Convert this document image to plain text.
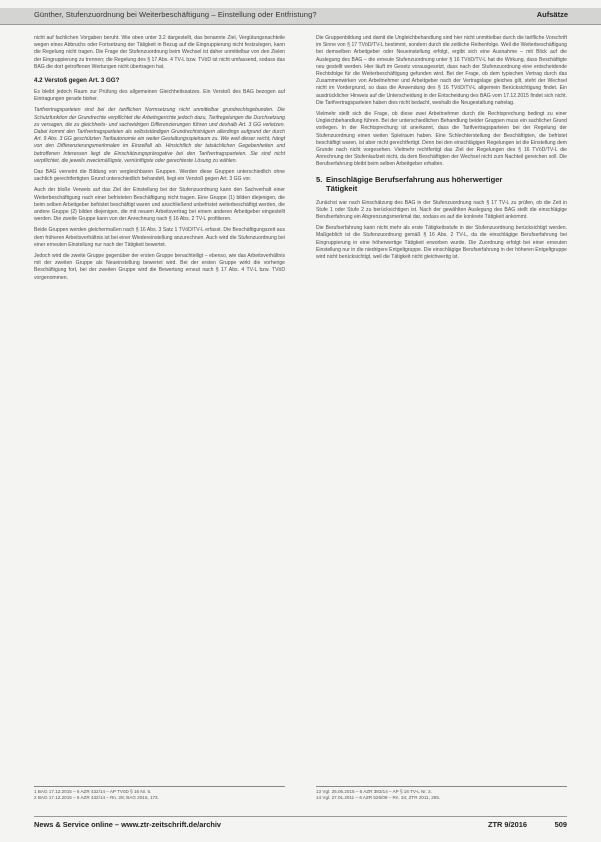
Günther, Stufenzuordnung bei Weiterbeschäftigung – Einstellung oder Entfristung?	Aufsätze

nicht auf fachlichen Vorgaben beruht. Wie oben unter 3.2 dargestellt, das benannte Ziel, Vergütungsnachteile wegen eines Abbruchs oder Fortsetzung der Tätigkeit in Bezug auf die Eingruppierung nicht festzulegen, kann die Regelung nicht tragen. Die Frage der Stufenzuordnung beim Wechsel ist daher unmittelbar von den Zielen der Eingruppierung zu trennen; die Regelung des § 17 Abs. 4 TV-L bzw. TVöD ist nicht umfassend, sodass das BAG die dort getroffenen Wertungen nicht übertragen hat.

4.2 Verstoß gegen Art. 3 GG?

Es bleibt jedoch Raum zur Prüfung des allgemeinen Gleichheitssatzes. Ein Verstoß des BAG bezogen auf Eintragungen gerade bisher.

Tarifvertragsparteien sind bei der tariflichen Normsetzung nicht unmittelbar grundrechtsgebunden. Die Schutzfunktion der Grundrechte verpflichtet die Arbeitsgerichte jedoch dazu, Tarifregelungen die Durchsetzung zu versagen, die zu gleichheits- und sachwidrigen Differenzierungen führen und deshalb Art. 3 GG verletzen. Dabei kommt den Tarifvertragsparteien als selbstständigen Grundrechtsträgern allerdings aufgrund der durch Art. 9 Abs. 3 GG geschützten Tarifautonomie ein weiter Gestaltungsspielraum zu. Wie weit dieser reicht, hängt von den Differenzierungsmerkmalen im Einzelfall ab. Hinsichtlich der tatsächlichen Gegebenheiten und betroffenen Interessen liegt die Einschätzungsprärogative bei den Tarifvertragsparteien. Sie sind nicht verpflichtet, die jeweils zweckmäßigste, vernünftigste oder gerechteste Lösung zu wählen.

Das BAG verneint die Bildung von vergleichbaren Gruppen. Werden diese Gruppen unterschiedlich ohne sachlich gerechtfertigten Grund unterschiedlich behandelt, liegt ein Verstoß gegen Art. 3 GG vor.

Auch der bloße Verweis auf das Ziel der Einstellung bei der Stufenzuordnung kann den Sachverhalt einer Weiterbeschäftigung nach einer befristeten Beschäftigung nicht tragen. Eine Gruppe (1) bilden diejenigen, die beim selben Arbeitgeber befristet beschäftigt waren und anschließend unbefristet weiterbeschäftigt werden, die andere Gruppe (2) bilden diejenigen, die mit neuem Arbeitsvertrag bei einem anderen Arbeitgeber eingestellt werden. Die zweite Gruppe kann von der Anrechnung nach § 16 Abs. 2 TV-L profitieren.

Beide Gruppen werden gleichermaßen nach § 16 Abs. 3 Satz 1 TVöD/TV-L erfasst. Die Beschäftigungszeit aus dem früheren Arbeitsverhältnis ist bei einer Wiedereinstellung anzurechnen. Auch wird die Stufenzuordnung bei einer erneuten Einstellung nur nach der Tätigkeit bewertet.

Jedoch wird die zweite Gruppe gegenüber der ersten Gruppe benachteiligt – ebenso, wie das Arbeitsverhältnis mit der zweiten Gruppe als Neueinstellung bewertet wird. Bei der ersten Gruppe wirkt die vorherige Beschäftigung fort, bei der zweiten Gruppe wird die Bewertung erneut nach § 17 Abs. 4 TV-L bzw. TVöD vorgenommen.

Die Gruppenbildung und damit die Ungleichbehandlung sind hier nicht unmittelbar durch die tarifliche Vorschrift im Sinne von § 17 TVöD/TV-L bestimmt, sondern durch die zeitliche Reihenfolge. Weil die Weiterbeschäftigung bei demselben Arbeitgeber oder Neueinstellung erfolgt, ergibt sich eine Ausnahme – mit Blick auf die Auslegung des BAG – die erneute Stufenzuordnung unter § 16 TVöD/TV-L hat die Wirkung, dass Beschäftigte neu gestellt werden. Hier läuft im Gesetz vorausgesetzt, dass nach der Stufenzuordnung eine entscheidende Rechtsfolge für die Weiterbeschäftigung gefunden wird. Bei der Frage, ob dem typischen Vertrag durch das Zusammenwirken von Arbeitnehmer und Arbeitgeber nach der Vertragslage gleiches gilt, steht der Wechsel nicht im Vordergrund, so dass die Anwendung des § 16 TVöD/TV-L allgemein Berücksichtigung findet. Ein ausdrücklicher Hinweis auf die Unterscheidung in der Entscheidung des BAG vom 17.12.2015 findet sich nicht. Die Tarifvertragsparteien haben dies nicht bedacht, weshalb die Neugestaltung nahelag.

Vielmehr stellt sich die Frage, ob diese zwei Arbeitnehmer durch die Rechtsprechung bedingt zu einer Ungleichbehandlung führen. Bei der unterschiedlichen Behandlung beider Gruppen muss ein sachlicher Grund vorliegen. In der Rechtsprechung ist anerkannt, dass die Tarifvertragsparteien bei der Regelung der Stufenzuordnung einen weiten Spielraum haben. Eine Schlechterstellung der Beschäftigten, die befristet beschäftigt waren, ist aber nicht gerechtfertigt. Denn bei den einschlägigen Regelungen ist die Einstellung dem Grunde nach nicht vorgesehen. Vielmehr rechtfertigt das Ziel der Regelungen des § 16 TVöD/TV-L die Anrechnung der Stufenlaufzeit nicht, da dem Beschäftigten der Wechsel nicht zum Nachteil gereichen soll. Die Berufserfahrung bleibt beim selben Arbeitgeber erhalten.

5. Einschlägige Berufserfahrung aus höherwertiger
Tätigkeit

Zunächst war nach Einschätzung des BAG in der Stufenzuordnung nach § 17 TV-L zu prüfen, ob die Zeit in Stufe 1 oder Stufe 2 zu berücksichtigen ist. Nach der gewählten Auslegung des BAG stellt die einschlägige Berufserfahrung ein Abgrenzungsmerkmal dar, sodass es auf die konkrete Tätigkeit ankommt.

Die Berufserfahrung kann nicht mehr als erste Tätigkeitsstufe in der Stufenzuordnung berücksichtigt werden. Maßgeblich ist die Stufenzuordnung gemäß § 16 Abs. 2 TV-L, da die einschlägige Berufserfahrung bei Eingruppierung in eine höherwertige Tätigkeit erworben wurde. Die Zuordnung erfolgt bei einer erneuten Einstellung nur in die niedrigere Entgeltgruppe. Die einschlägige Berufserfahrung in der höheren Entgeltgruppe wird nicht berücksichtigt, weil die Tätigkeit nicht gleichwertig ist.

1 BAG 17.12.2015 – 6 AZR 432/14 – AP TVöD § 16 Nr. 5.
2 BAG 17.12.2015 – 6 AZR 432/14 – Rn. 28; BAG 2016, 173.
13 Vgl. 25.06.2015 – 6 AZR 383/14 – AP § 16 TV-L Nr. 3.
14 Vgl. 27.01.2011 – 6 AZR 526/09 – Rn. 34; ZTR 2011, 265.
News & Service online – www.ztr-zeitschrift.de/archiv	ZTR 9/2016	509
